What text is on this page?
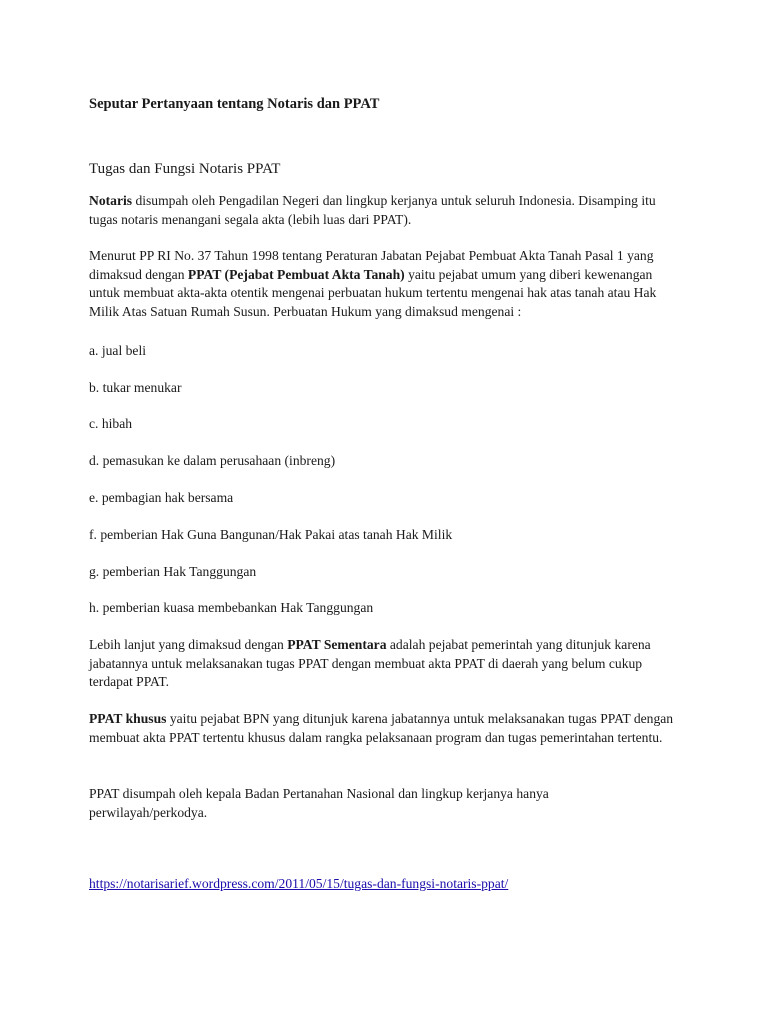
Seputar Pertanyaan tentang Notaris dan PPAT
Tugas dan Fungsi Notaris PPAT

Notaris disumpah oleh Pengadilan Negeri dan lingkup kerjanya untuk seluruh Indonesia. Disamping itu tugas notaris menangani segala akta (lebih luas dari PPAT).

Menurut PP RI No. 37 Tahun 1998 tentang Peraturan Jabatan Pejabat Pembuat Akta Tanah Pasal 1 yang dimaksud dengan PPAT (Pejabat Pembuat Akta Tanah) yaitu pejabat umum yang diberi kewenangan untuk membuat akta-akta otentik mengenai perbuatan hukum tertentu mengenai hak atas tanah atau Hak Milik Atas Satuan Rumah Susun. Perbuatan Hukum yang dimaksud mengenai :

a. jual beli
b. tukar menukar
c. hibah
d. pemasukan ke dalam perusahaan (inbreng)
e. pembagian hak bersama
f. pemberian Hak Guna Bangunan/Hak Pakai atas tanah Hak Milik
g. pemberian Hak Tanggungan
h. pemberian kuasa membebankan Hak Tanggungan

Lebih lanjut yang dimaksud dengan PPAT Sementara adalah pejabat pemerintah yang ditunjuk karena jabatannya untuk melaksanakan tugas PPAT dengan membuat akta PPAT di daerah yang belum cukup terdapat PPAT.

PPAT khusus yaitu pejabat BPN yang ditunjuk karena jabatannya untuk melaksanakan tugas PPAT dengan membuat akta PPAT tertentu khusus dalam rangka pelaksanaan program dan tugas pemerintahan tertentu.

PPAT disumpah oleh kepala Badan Pertanahan Nasional dan lingkup kerjanya hanya perwilayah/perkodya.

https://notarisarief.wordpress.com/2011/05/15/tugas-dan-fungsi-notaris-ppat/
